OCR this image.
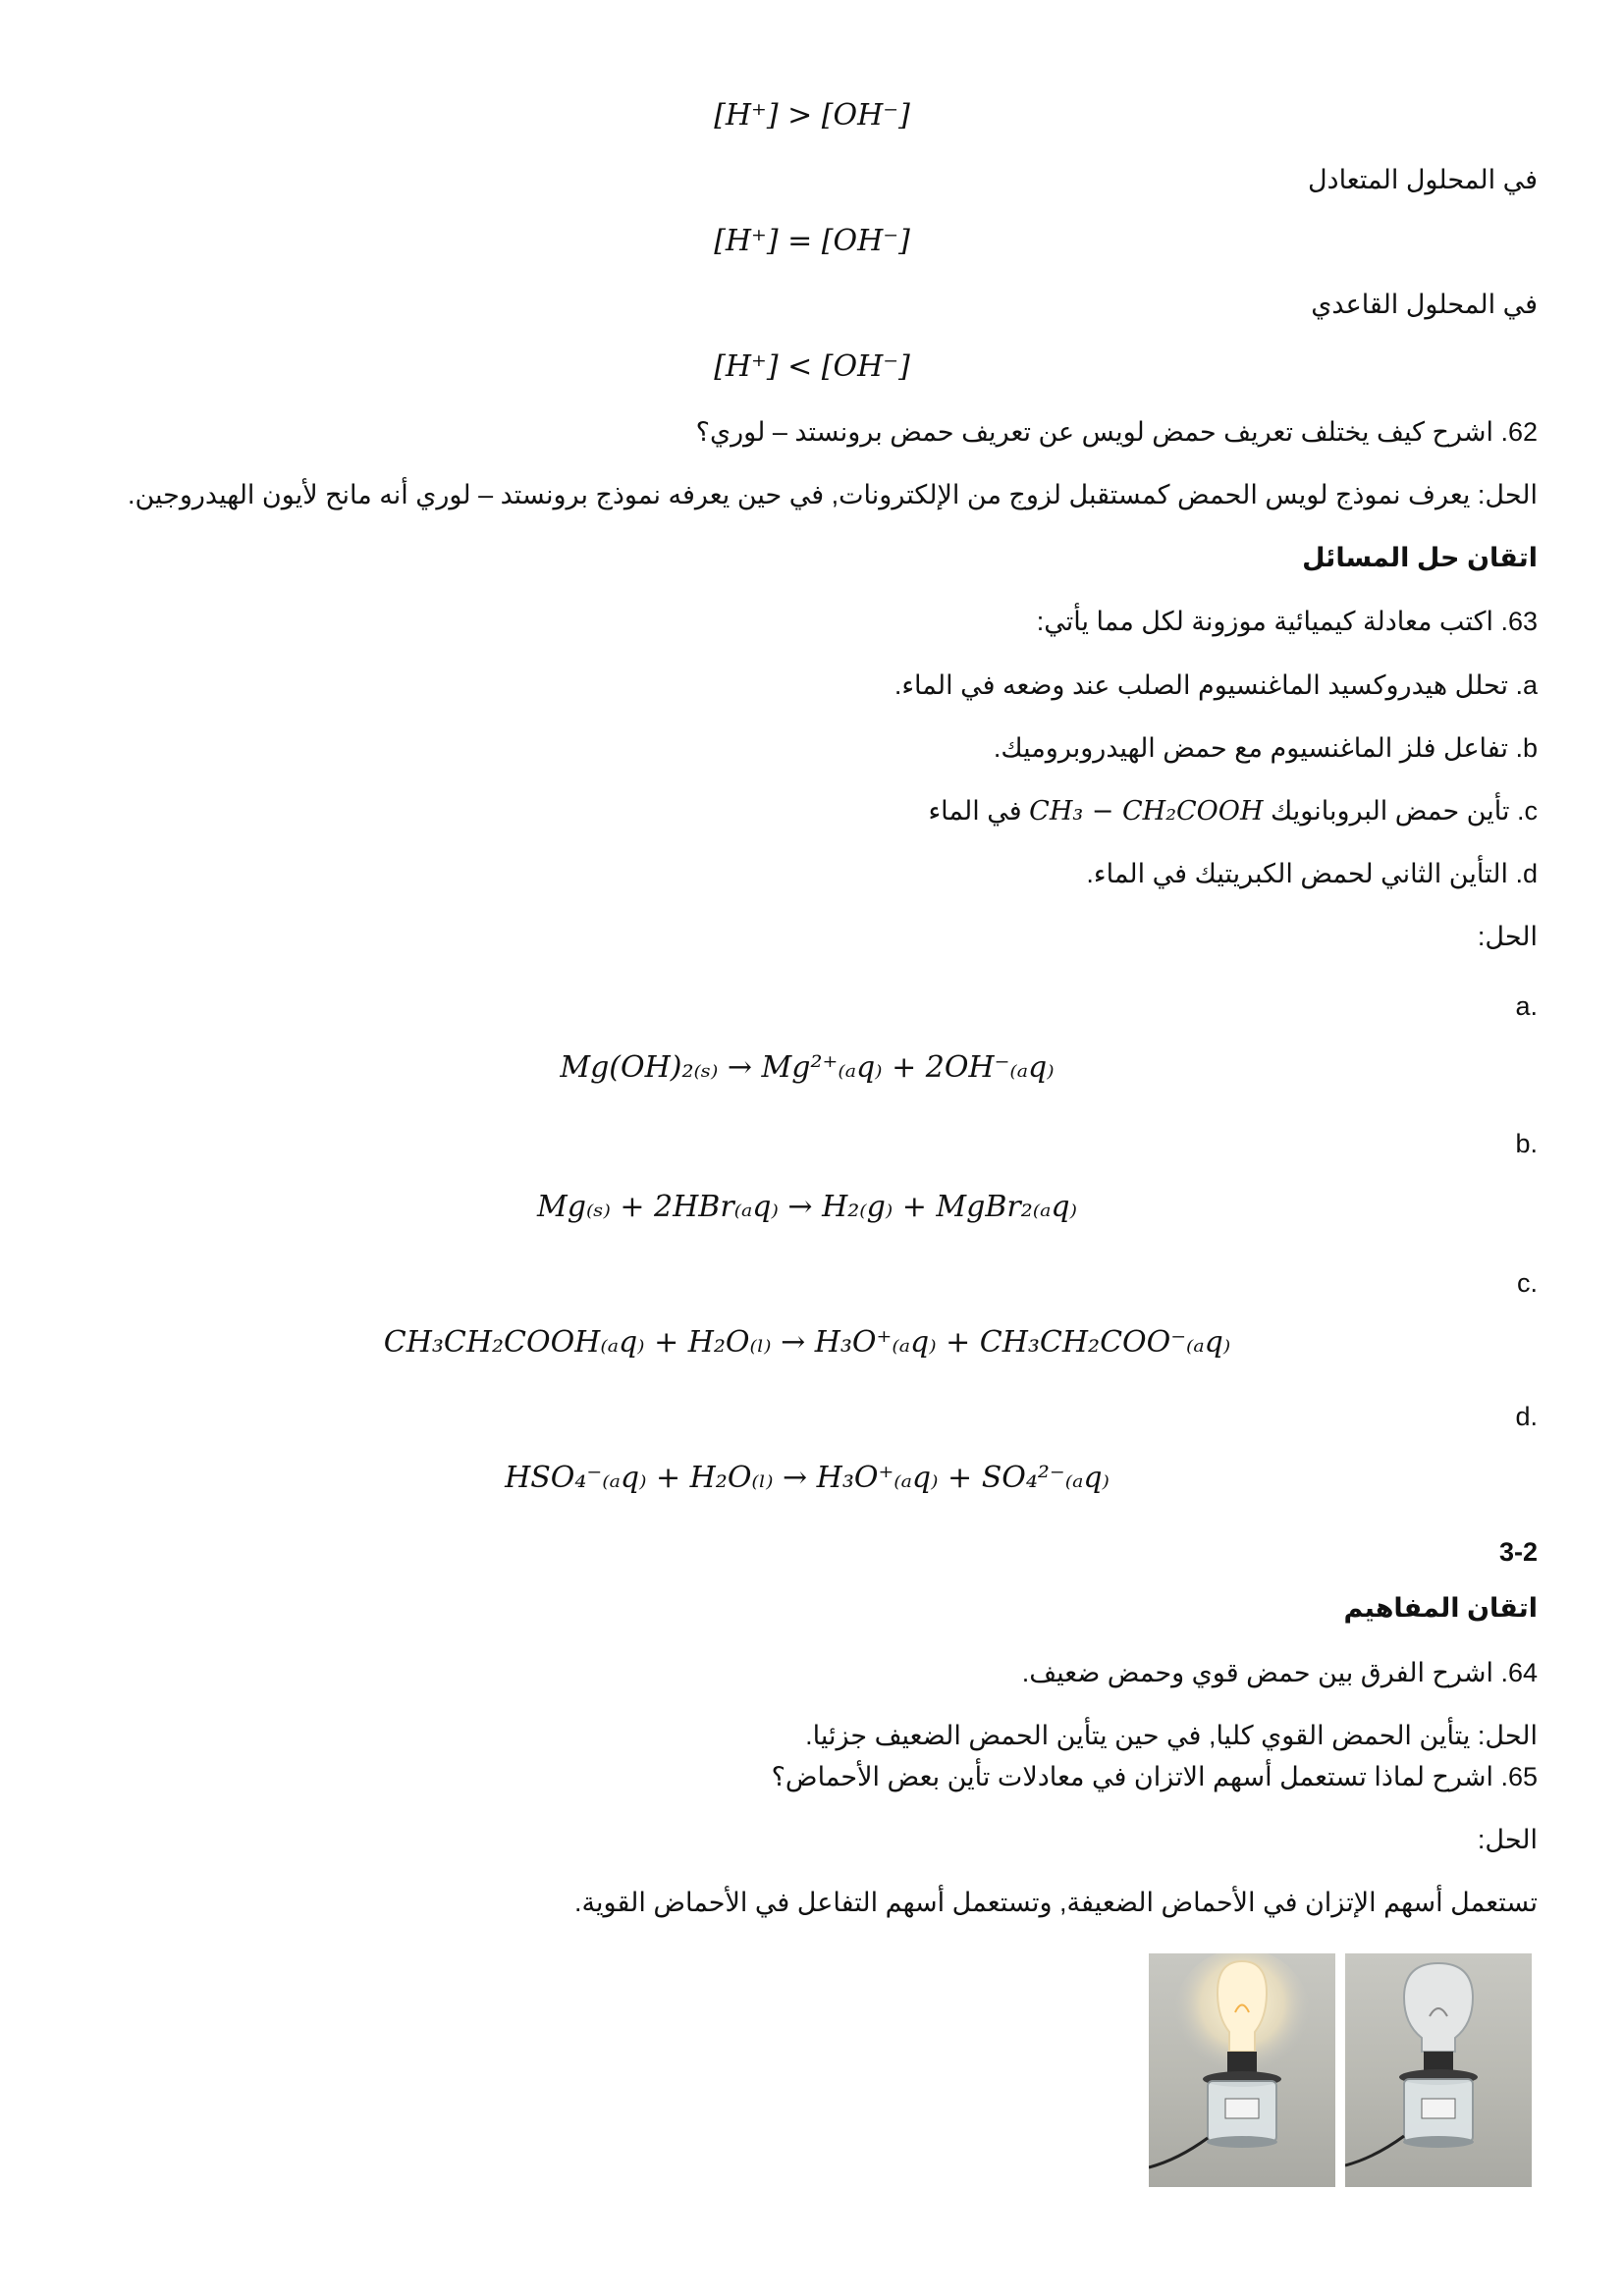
[H⁺] > [OH⁻]
في المحلول المتعادل
[H⁺] = [OH⁻]
في المحلول القاعدي
[H⁺] < [OH⁻]
62. اشرح كيف يختلف تعريف حمض لويس عن تعريف حمض برونستد – لوري؟
الحل: يعرف نموذج لويس الحمض كمستقبل لزوج من الإلكترونات, في حين يعرفه نموذج برونستد – لوري أنه مانح لأيون الهيدروجين.
اتقان حل المسائل
63. اكتب معادلة كيميائية موزونة لكل مما يأتي:
a. تحلل هيدروكسيد الماغنسيوم الصلب عند وضعه في الماء.
b. تفاعل فلز الماغنسيوم مع حمض الهيدروبروميك.
c. تأين حمض البروبانويك CH₃ − CH₂COOH في الماء
d. التأين الثاني لحمض الكبريتيك في الماء.
الحل:
a.
Mg(OH)₂₍ₛ₎ → Mg²⁺₍ₐq₎ + 2OH⁻₍ₐq₎
b.
Mg₍ₛ₎ + 2HBr₍ₐq₎ → H₂₍g₎ + MgBr₂₍ₐq₎
c.
CH₃CH₂COOH₍ₐq₎ + H₂O₍ₗ₎ → H₃O⁺₍ₐq₎ + CH₃CH₂COO⁻₍ₐq₎
d.
HSO₄⁻₍ₐq₎ + H₂O₍ₗ₎ → H₃O⁺₍ₐq₎ + SO₄²⁻₍ₐq₎
3-2
اتقان المفاهيم
64. اشرح الفرق بين حمض قوي وحمض ضعيف.
الحل: يتأين الحمض القوي كليا, في حين يتأين الحمض الضعيف جزئيا.
65. اشرح لماذا تستعمل أسهم الاتزان في معادلات تأين بعض الأحماض؟
الحل:
تستعمل أسهم الإتزان في الأحماض الضعيفة, وتستعمل أسهم التفاعل في الأحماض القوية.
